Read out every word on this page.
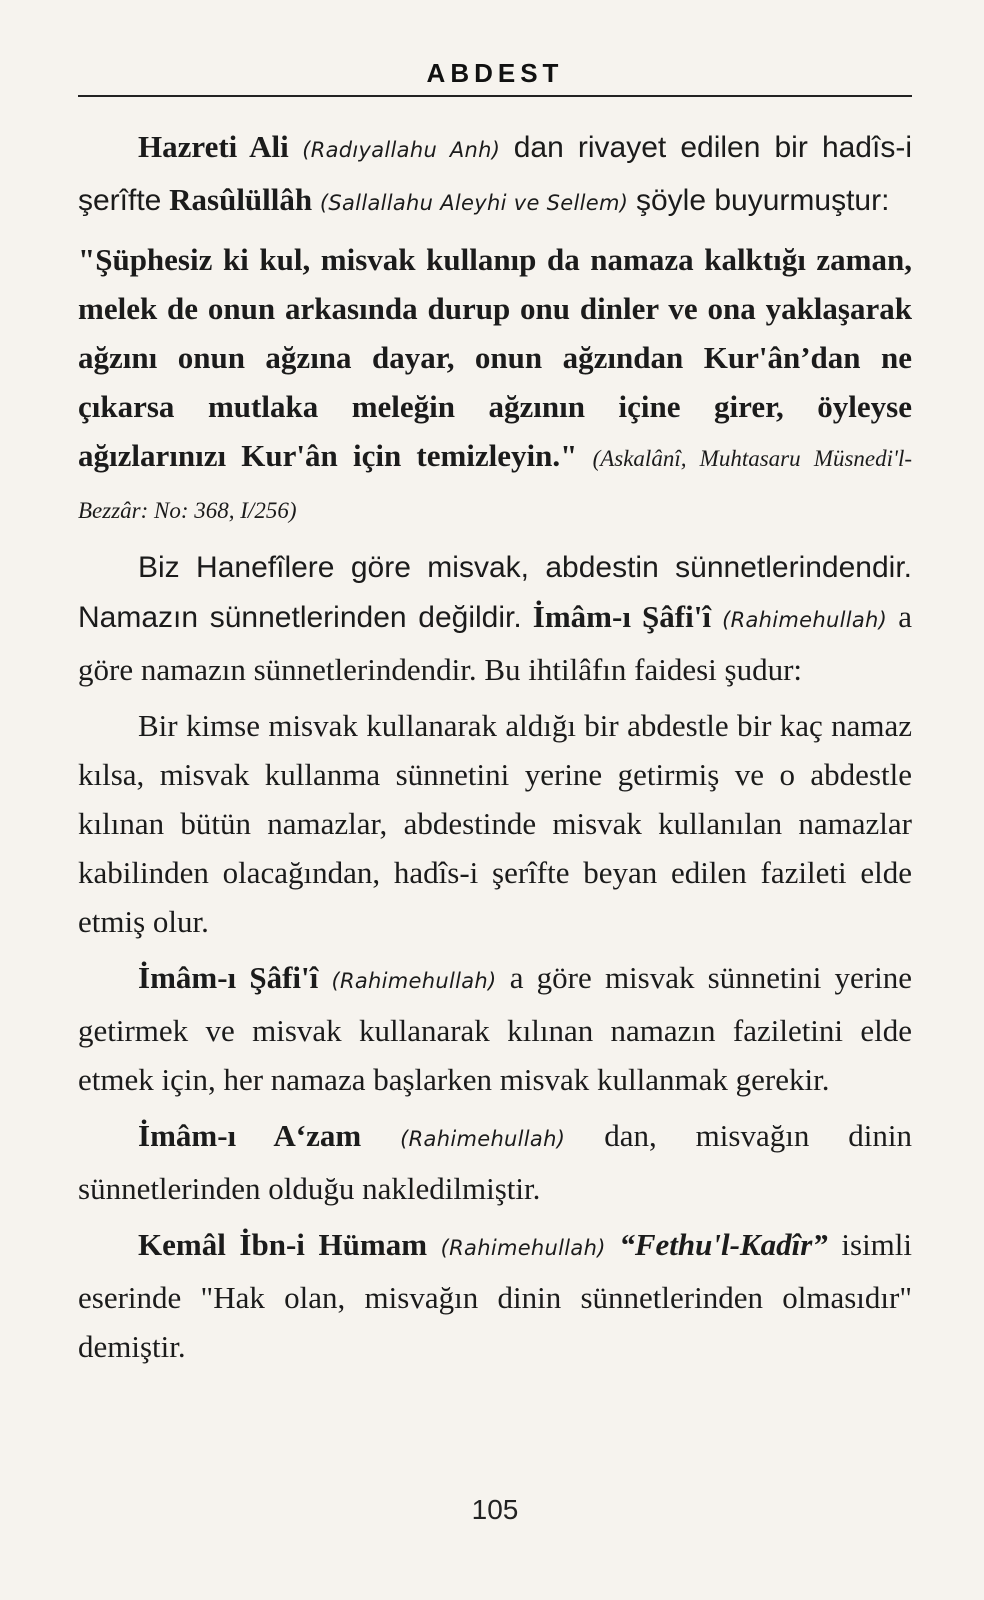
ABDEST

Hazreti Ali (Radıyallahu Anh) dan rivayet edilen bir hadîs-i şerîfte Rasûlüllâh (Sallallahu Aleyhi ve Sellem) şöyle buyurmuştur:

"Şüphesiz ki kul, misvak kullanıp da namaza kalktığı zaman, melek de onun arkasında durup onu dinler ve ona yaklaşarak ağzını onun ağzına dayar, onun ağzından Kur'ân’dan ne çıkarsa mutlaka meleğin ağzının içine girer, öyleyse ağızlarınızı Kur'ân için temizleyin." (Askalânî, Muhtasaru Müsnedi'l-Bezzâr: No: 368, I/256)

Biz Hanefîlere göre misvak, abdestin sünnetlerindendir. Namazın sünnetlerinden değildir. İmâm-ı Şâfi'î (Rahimehullah) a göre namazın sünnetlerindendir. Bu ihtilâfın faidesi şudur:

Bir kimse misvak kullanarak aldığı bir abdestle bir kaç namaz kılsa, misvak kullanma sünnetini yerine getirmiş ve o abdestle kılınan bütün namazlar, abdestinde misvak kullanılan namazlar kabilinden olacağından, hadîs-i şerîfte beyan edilen fazileti elde etmiş olur.

İmâm-ı Şâfi'î (Rahimehullah) a göre misvak sünnetini yerine getirmek ve misvak kullanarak kılınan namazın faziletini elde etmek için, her namaza başlarken misvak kullanmak gerekir.

İmâm-ı A‘zam (Rahimehullah) dan, misvağın dinin sünnetlerinden olduğu nakledilmiştir.

Kemâl İbn-i Hümam (Rahimehullah) “Fethu'l-Kadîr” isimli eserinde "Hak olan, misvağın dinin sünnetlerinden olmasıdır" demiştir.

105
